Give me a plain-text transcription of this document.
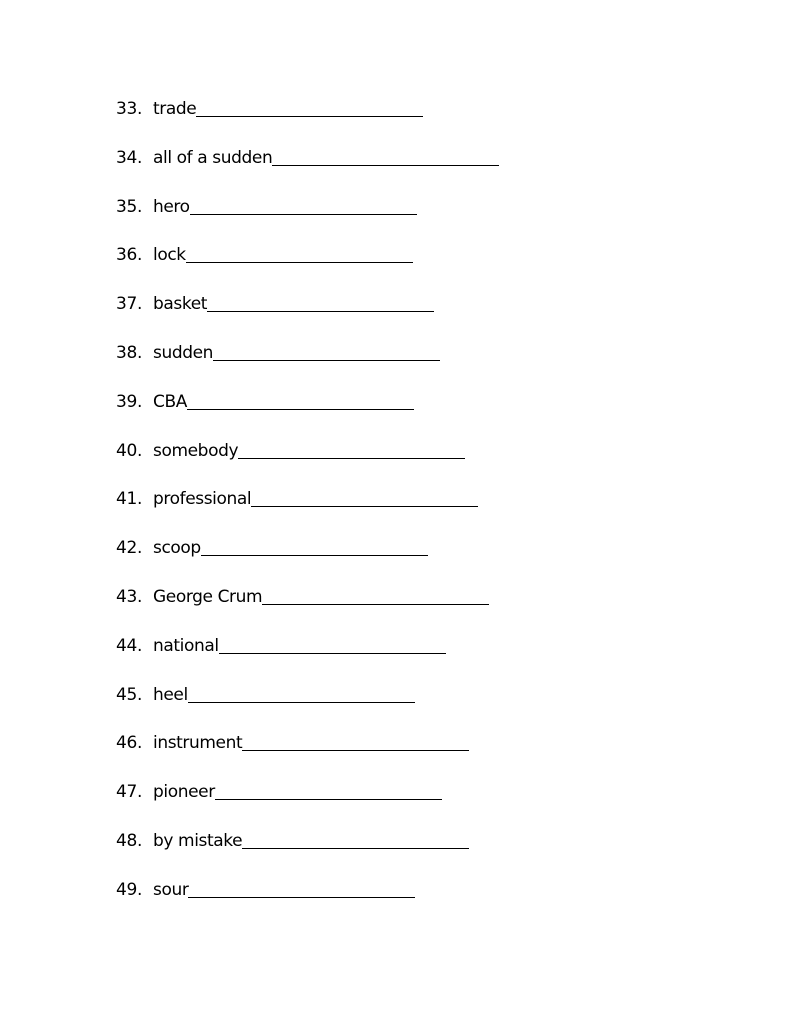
33. trade
34. all of a sudden
35. hero
36. lock
37. basket
38. sudden
39. CBA
40. somebody
41. professional
42. scoop
43. George Crum
44. national
45. heel
46. instrument
47. pioneer
48. by mistake
49. sour
